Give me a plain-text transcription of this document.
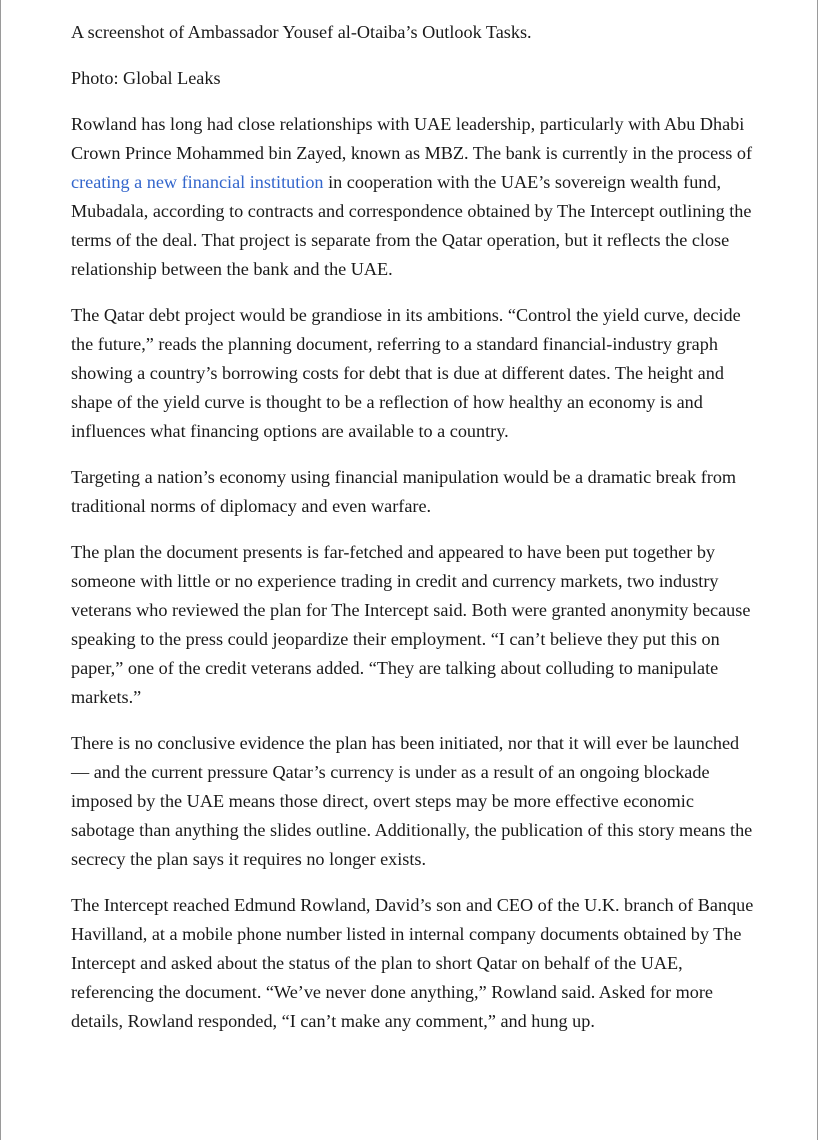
A screenshot of Ambassador Yousef al-Otaiba’s Outlook Tasks.

Photo: Global Leaks

Rowland has long had close relationships with UAE leadership, particularly with Abu Dhabi Crown Prince Mohammed bin Zayed, known as MBZ. The bank is currently in the process of creating a new financial institution in cooperation with the UAE’s sovereign wealth fund, Mubadala, according to contracts and correspondence obtained by The Intercept outlining the terms of the deal. That project is separate from the Qatar operation, but it reflects the close relationship between the bank and the UAE.

The Qatar debt project would be grandiose in its ambitions. “Control the yield curve, decide the future,” reads the planning document, referring to a standard financial-industry graph showing a country’s borrowing costs for debt that is due at different dates. The height and shape of the yield curve is thought to be a reflection of how healthy an economy is and influences what financing options are available to a country.

Targeting a nation’s economy using financial manipulation would be a dramatic break from traditional norms of diplomacy and even warfare.

The plan the document presents is far-fetched and appeared to have been put together by someone with little or no experience trading in credit and currency markets, two industry veterans who reviewed the plan for The Intercept said. Both were granted anonymity because speaking to the press could jeopardize their employment. “I can’t believe they put this on paper,” one of the credit veterans added. “They are talking about colluding to manipulate markets.”

There is no conclusive evidence the plan has been initiated, nor that it will ever be launched — and the current pressure Qatar’s currency is under as a result of an ongoing blockade imposed by the UAE means those direct, overt steps may be more effective economic sabotage than anything the slides outline. Additionally, the publication of this story means the secrecy the plan says it requires no longer exists.

The Intercept reached Edmund Rowland, David’s son and CEO of the U.K. branch of Banque Havilland, at a mobile phone number listed in internal company documents obtained by The Intercept and asked about the status of the plan to short Qatar on behalf of the UAE, referencing the document. “We’ve never done anything,” Rowland said. Asked for more details, Rowland responded, “I can’t make any comment,” and hung up.
